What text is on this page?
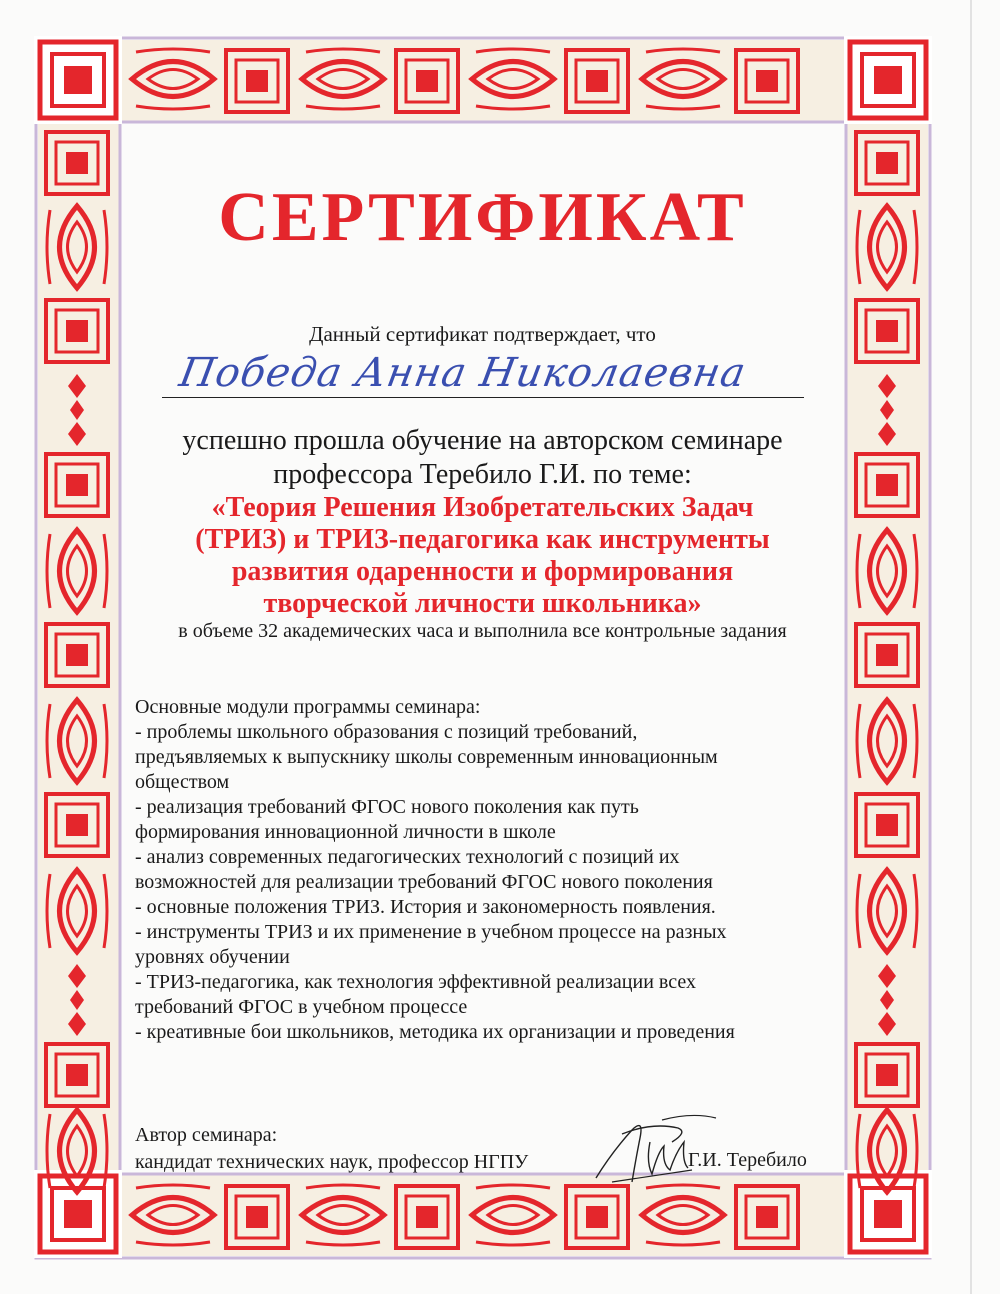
СЕРТИФИКАТ
Данный сертификат подтверждает, что
Победа Анна Николаевна
успешно прошла обучение на авторском семинаре
профессора Теребило Г.И. по теме:
«Теория Решения Изобретательских Задач
(ТРИЗ) и ТРИЗ-педагогика как инструменты
развития одаренности и формирования
творческой личности школьника»
в объеме 32 академических часа и выполнила все контрольные задания
Основные модули программы семинара:
- проблемы школьного образования с позиций требований,
предъявляемых к выпускнику школы современным инновационным
обществом
- реализация требований ФГОС нового поколения как путь
формирования инновационной личности в школе
- анализ современных педагогических технологий с позиций их
возможностей для реализации требований ФГОС нового поколения
- основные положения ТРИЗ. История и закономерность появления.
- инструменты ТРИЗ и их применение в учебном процессе на разных
уровнях обучении
- ТРИЗ-педагогика, как технология эффективной реализации всех
требований ФГОС в учебном процессе
- креативные бои школьников, методика их организации и проведения
Автор семинара:
кандидат технических наук, профессор НГПУ	Г.И. Теребило
